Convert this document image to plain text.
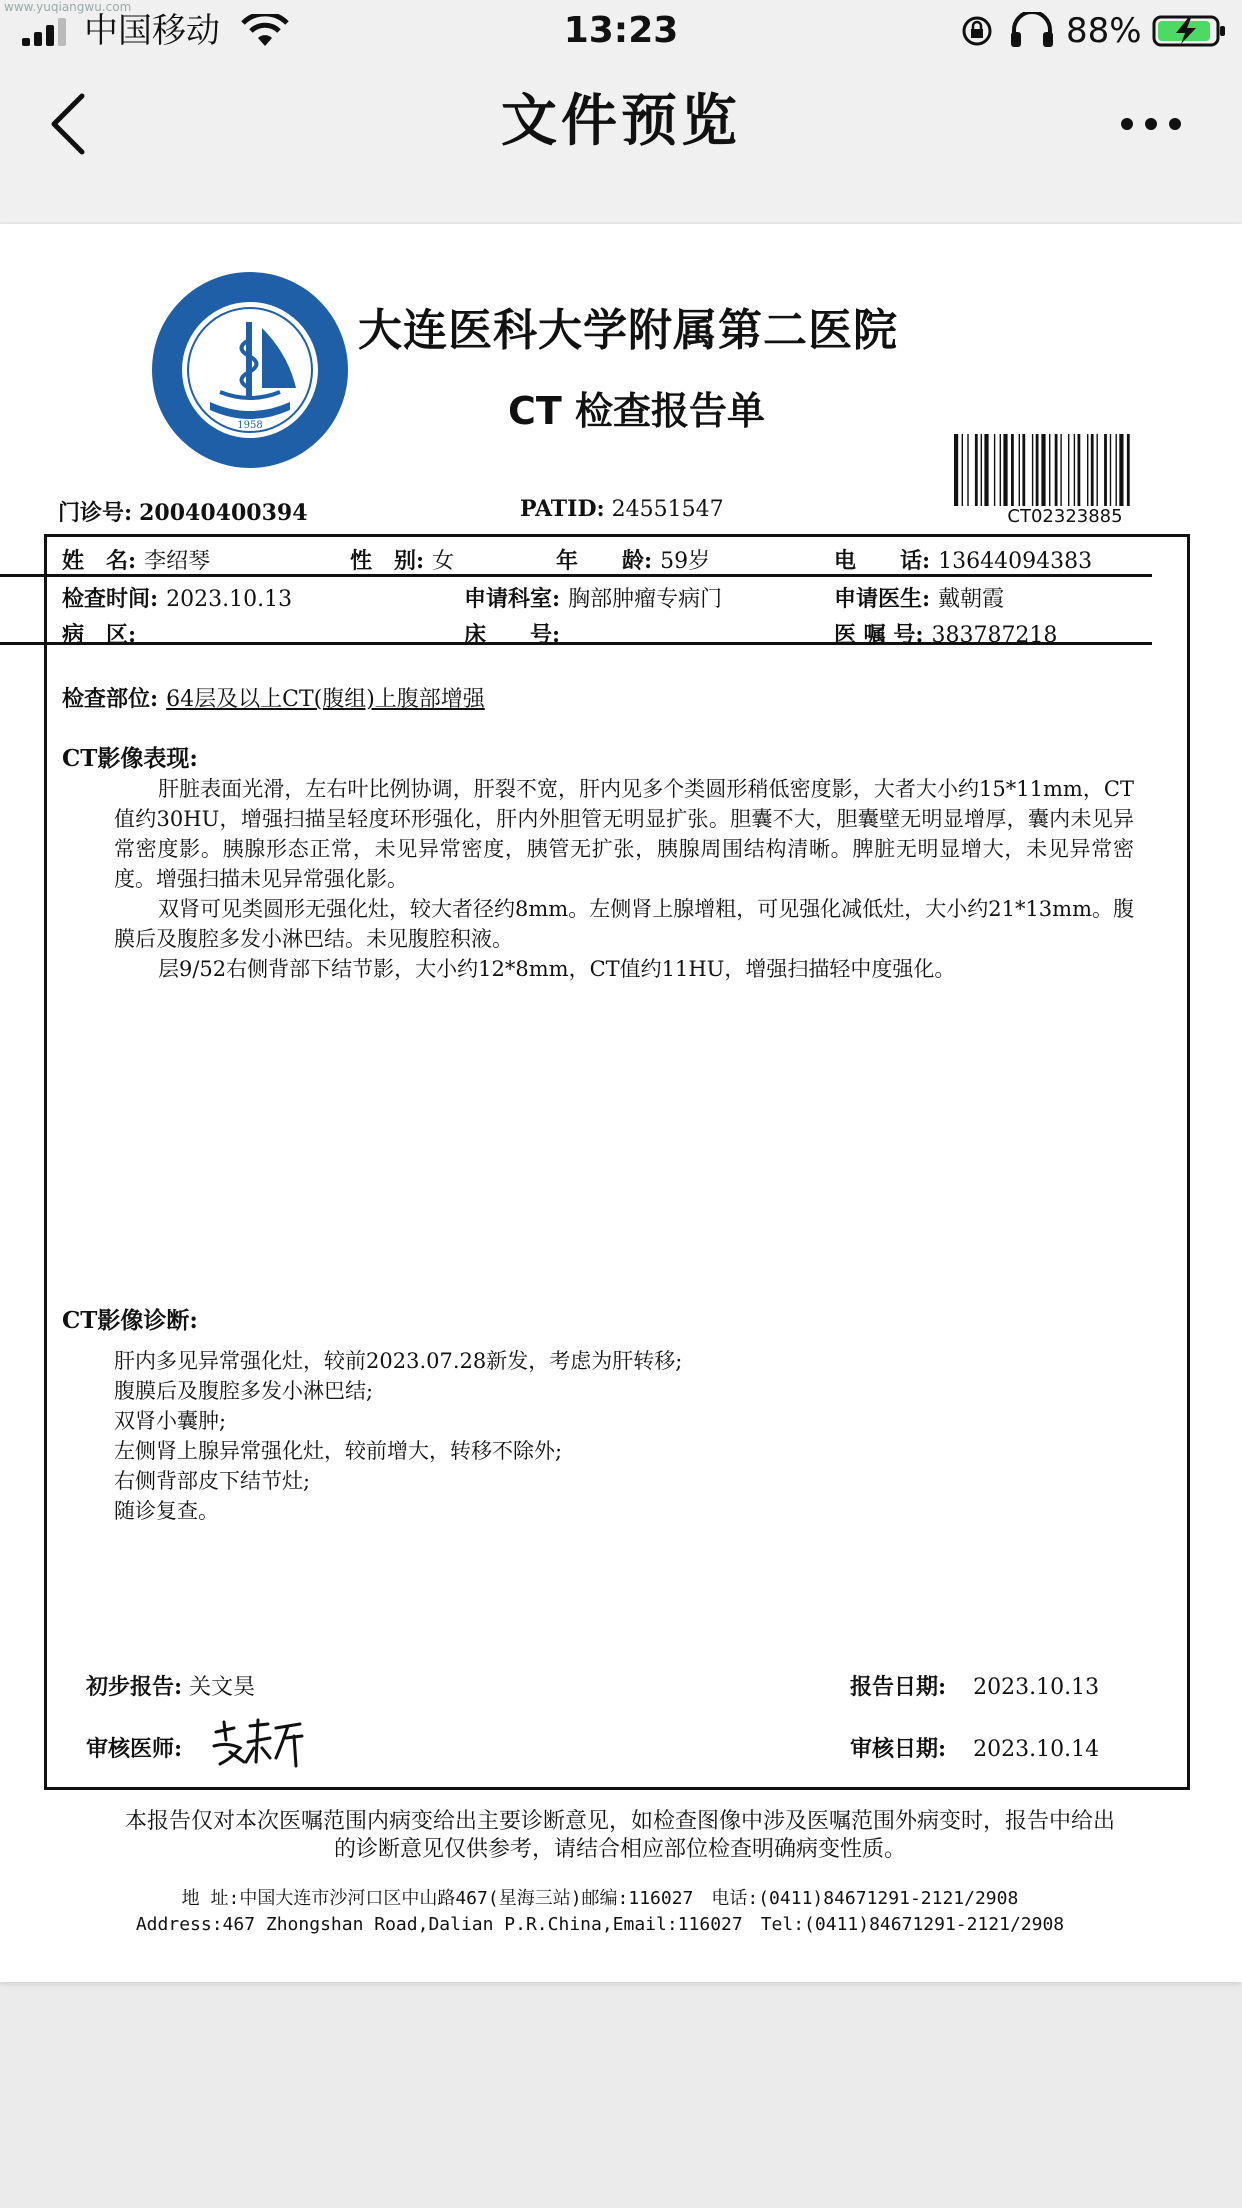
www.yuqiangwu.com
中国移动	13:23	88%
文件预览
1958
大连医科大学附属第二医院
CT 检查报告单
CT02323885
门诊号: 20040400394	PATID: 24551547
姓　名: 李绍琴	性　别: 女	年　　龄: 59岁	电　　话: 13644094383
检查时间: 2023.10.13	申请科室: 胸部肿瘤专病门	申请医生: 戴朝霞
病　区:	床　　号:	医 嘱 号: 383787218
检查部位: 64层及以上CT(腹组)上腹部增强
CT影像表现:

肝脏表面光滑，左右叶比例协调，肝裂不宽，肝内见多个类圆形稍低密度影，大者大小约15*11mm，CT值约30HU，增强扫描呈轻度环形强化，肝内外胆管无明显扩张。胆囊不大，胆囊壁无明显增厚，囊内未见异常密度影。胰腺形态正常，未见异常密度，胰管无扩张，胰腺周围结构清晰。脾脏无明显增大，未见异常密度。增强扫描未见异常强化影。

双肾可见类圆形无强化灶，较大者径约8mm。左侧肾上腺增粗，可见强化减低灶，大小约21*13mm。腹膜后及腹腔多发小淋巴结。未见腹腔积液。

层9/52右侧背部下结节影，大小约12*8mm，CT值约11HU，增强扫描轻中度强化。

CT影像诊断:
肝内多见异常强化灶，较前2023.07.28新发，考虑为肝转移;
腹膜后及腹腔多发小淋巴结;
双肾小囊肿;
左侧肾上腺异常强化灶，较前增大，转移不除外;
右侧背部皮下结节灶;
随诊复查。
初步报告: 关文昊	报告日期: 2023.10.13
审核医师:	审核日期: 2023.10.14
本报告仅对本次医嘱范围内病变给出主要诊断意见，如检查图像中涉及医嘱范围外病变时，报告中给出的诊断意见仅供参考，请结合相应部位检查明确病变性质。
地 址:中国大连市沙河口区中山路467(星海三站)邮编:116027　电话:(0411)84671291-2121/2908
Address:467 Zhongshan Road,Dalian P.R.China,Email:116027　Tel:(0411)84671291-2121/2908
